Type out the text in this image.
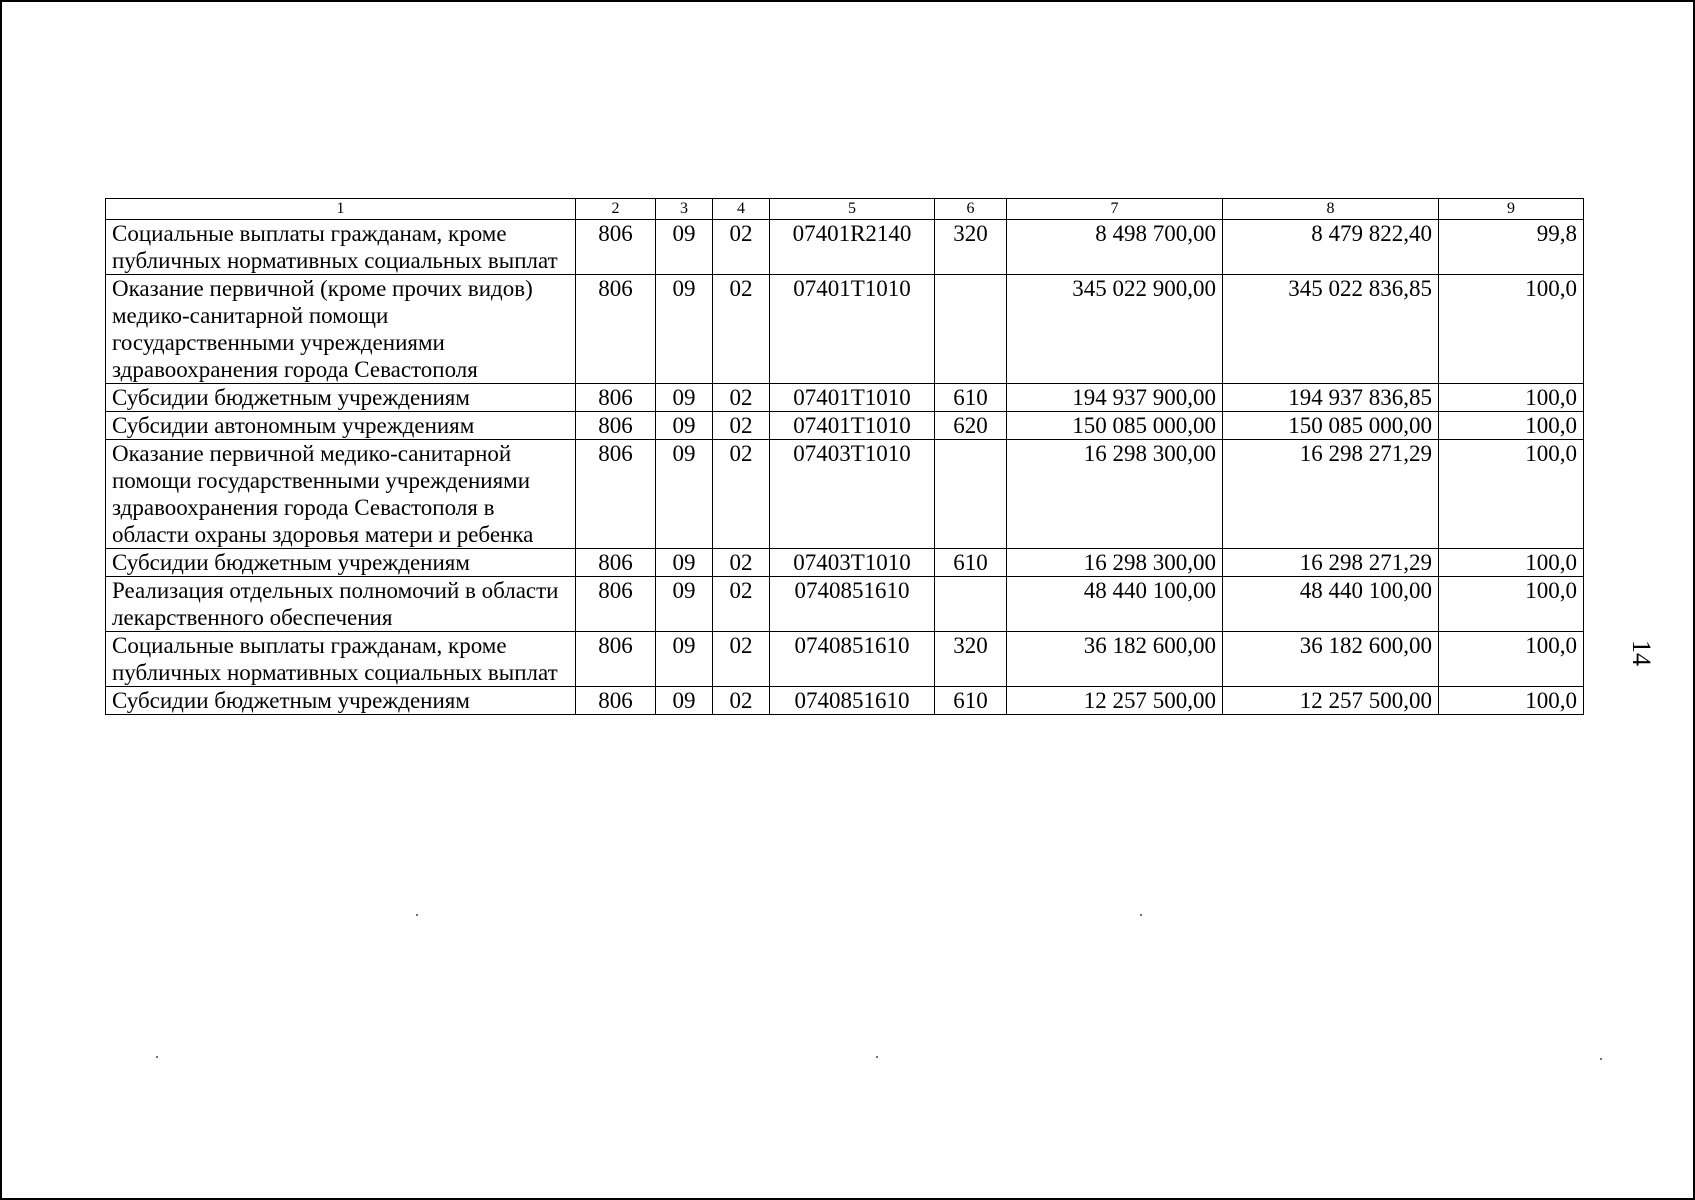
1	2	3	4	5	6	7	8	9
Социальные выплаты гражданам, кроме публичных нормативных социальных выплат	806	09	02	07401R2140	320	8 498 700,00	8 479 822,40	99,8
Оказание первичной (кроме прочих видов) медико-санитарной помощи государственными учреждениями здравоохранения города Севастополя	806	09	02	07401Т1010		345 022 900,00	345 022 836,85	100,0
Субсидии бюджетным учреждениям	806	09	02	07401Т1010	610	194 937 900,00	194 937 836,85	100,0
Субсидии автономным учреждениям	806	09	02	07401Т1010	620	150 085 000,00	150 085 000,00	100,0
Оказание первичной медико-санитарной помощи государственными учреждениями здравоохранения города Севастополя в области охраны здоровья матери и ребенка	806	09	02	07403Т1010		16 298 300,00	16 298 271,29	100,0
Субсидии бюджетным учреждениям	806	09	02	07403Т1010	610	16 298 300,00	16 298 271,29	100,0
Реализация отдельных полномочий в области лекарственного обеспечения	806	09	02	0740851610		48 440 100,00	48 440 100,00	100,0
Социальные выплаты гражданам, кроме публичных нормативных социальных выплат	806	09	02	0740851610	320	36 182 600,00	36 182 600,00	100,0
Субсидии бюджетным учреждениям	806	09	02	0740851610	610	12 257 500,00	12 257 500,00	100,0
14
